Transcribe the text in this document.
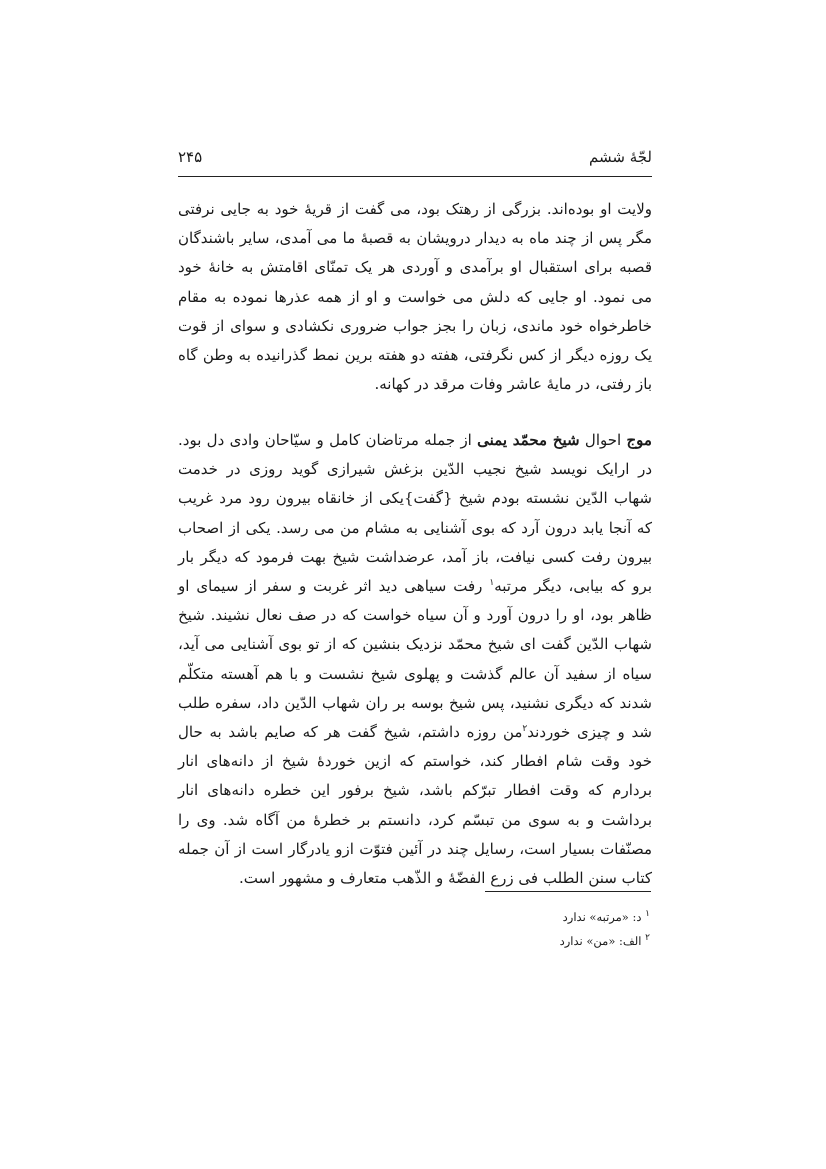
لجّهٔ ششم
۲۴۵

ولایت او بوده‌اند. بزرگی از رهتک بود، می گفت از قریهٔ خود به جایی نرفتی مگر پس از چند ماه به دیدار درویشان به قصبهٔ ما می آمدی، سایر باشندگان قصبه برای استقبال او برآمدی و آوردی هر یک تمنّای اقامتش به خانهٔ خود می نمود. او جایی که دلش می خواست و او از همه عذرها نموده به مقام خاطرخواه خود ماندی، زبان را بجز جواب ضروری نکشادی و سوای از قوت یک روزه دیگر از کس نگرفتی، هفته دو هفته برین نمط گذرانیده به وطن گاه باز رفتی، در مایهٔ عاشر وفات مرقد در کهانه.

موج احوال شیخ محمّد یمنی از جمله مرتاضان کامل و سیّاحان وادی دل بود. در ارایک نویسد شیخ نجیب الدّین بزغش شیرازی گوید روزی در خدمت شهاب الدّین نشسته بودم شیخ {گفت}یکی از خانقاه بیرون رود مرد غریب که آنجا یابد درون آرد که بوی آشنایی به مشام من می رسد. یکی از اصحاب بیرون رفت کسی نیافت، باز آمد، عرضداشت شیخ بهت فرمود که دیگر بار برو که بیابی، دیگر مرتبه$^۱$ رفت سیاهی دید اثر غربت و سفر از سیمای او ظاهر بود، او را درون آورد و آن سیاه خواست که در صف نعال نشیند. شیخ شهاب الدّین گفت ای شیخ محمّد نزدیک بنشین که از تو بوی آشنایی می آید، سیاه از سفید آن عالم گذشت و پهلوی شیخ نشست و با هم آهسته متکلّم شدند که دیگری نشنید، پس شیخ بوسه بر ران شهاب الدّین داد، سفره طلب شد و چیزی خوردند$^۲$من روزه داشتم، شیخ گفت هر که صایم باشد به حال خود وقت شام افطار کند، خواستم که ازین خوردهٔ شیخ از دانه‌های انار بردارم که وقت افطار تبرّکم باشد، شیخ برفور این خطره دانه‌های انار برداشت و به سوی من تبسّم کرد، دانستم بر خطرهٔ من آگاه شد. وی را مصنّفات بسیار است، رسایل چند در آئین فتوّت ازو یادرگار است از آن جمله کتاب سنن الطلب فی زرع الفضّهٔ و الذّهب متعارف و مشهور است.

$^۱$ د: «مرتبه» ندارد
$^۲$ الف: «من» ندارد
